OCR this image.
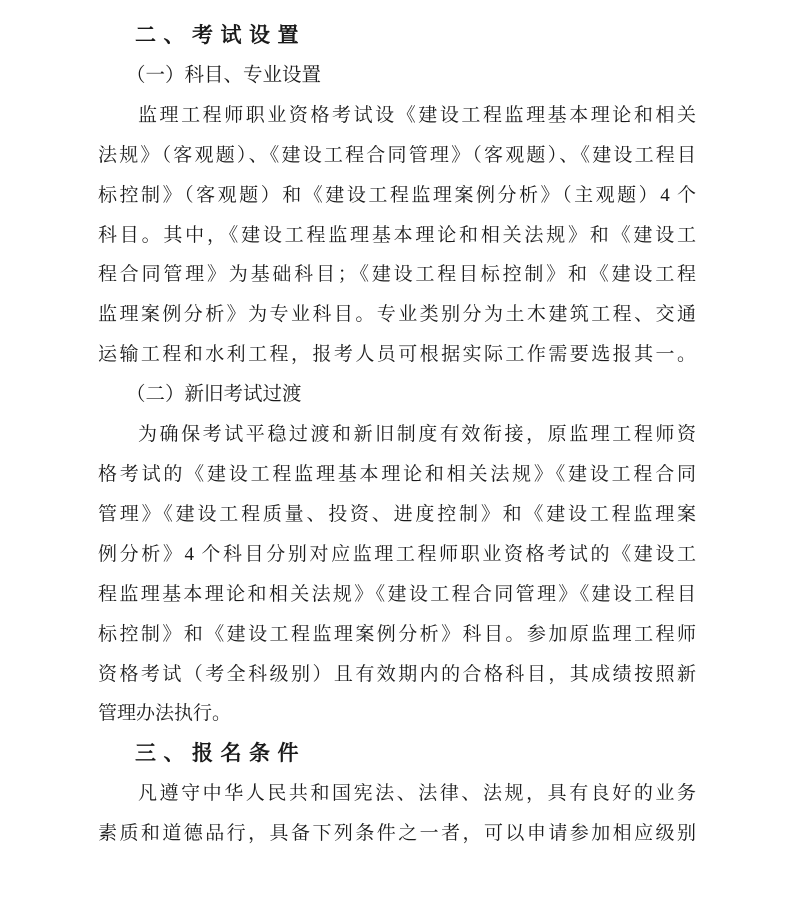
二、考试设置
（一）科目、专业设置
监理工程师职业资格考试设《建设工程监理基本理论和相关
法规》（客观题）、《建设工程合同管理》（客观题）、《建设工程目
标控制》（客观题）和《建设工程监理案例分析》（主观题）4 个
科目。其中，《建设工程监理基本理论和相关法规》和《建设工
程合同管理》为基础科目；《建设工程目标控制》和《建设工程
监理案例分析》为专业科目。专业类别分为土木建筑工程、交通
运输工程和水利工程，报考人员可根据实际工作需要选报其一。
（二）新旧考试过渡
为确保考试平稳过渡和新旧制度有效衔接，原监理工程师资
格考试的《建设工程监理基本理论和相关法规》《建设工程合同
管理》《建设工程质量、投资、进度控制》和《建设工程监理案
例分析》4 个科目分别对应监理工程师职业资格考试的《建设工
程监理基本理论和相关法规》《建设工程合同管理》《建设工程目
标控制》和《建设工程监理案例分析》科目。参加原监理工程师
资格考试（考全科级别）且有效期内的合格科目，其成绩按照新
管理办法执行。
三、报名条件
凡遵守中华人民共和国宪法、法律、法规，具有良好的业务
素质和道德品行，具备下列条件之一者，可以申请参加相应级别
